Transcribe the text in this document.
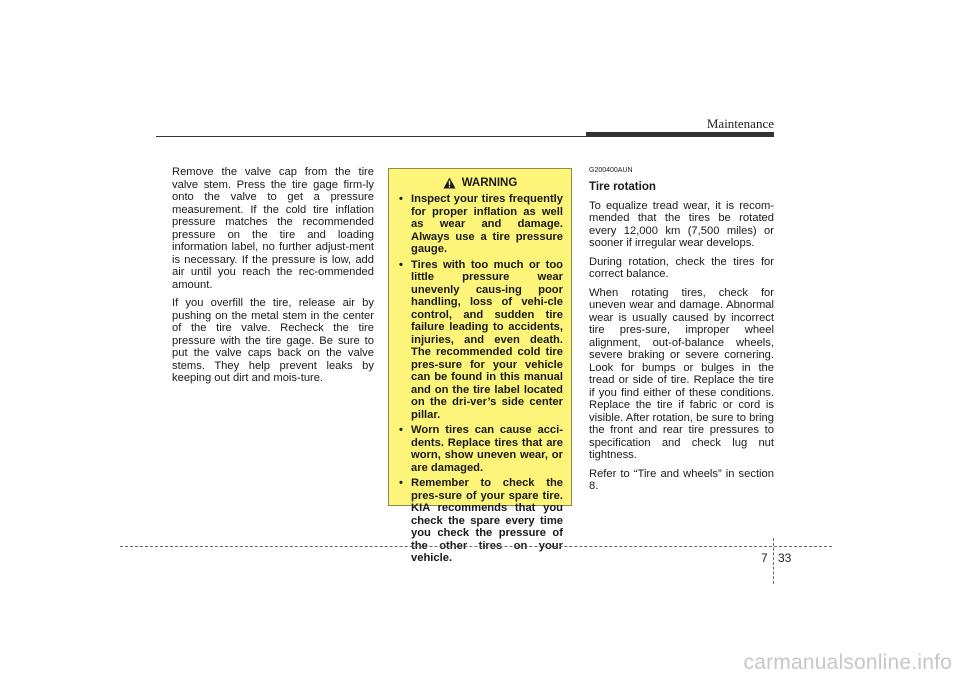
Maintenance

Remove the valve cap from the tire valve stem. Press the tire gage firm-ly onto the valve to get a pressure measurement. If the cold tire inflation pressure matches the recommended pressure on the tire and loading information label, no further adjust-ment is necessary. If the pressure is low, add air until you reach the rec-ommended amount.

If you overfill the tire, release air by pushing on the metal stem in the center of the tire valve. Recheck the tire pressure with the tire gage. Be sure to put the valve caps back on the valve stems. They help prevent leaks by keeping out dirt and mois-ture.

WARNING
• Inspect your tires frequently for proper inflation as well as wear and damage. Always use a tire pressure gauge.
• Tires with too much or too little pressure wear unevenly caus-ing poor handling, loss of vehi-cle control, and sudden tire failure leading to accidents, injuries, and even death. The recommended cold tire pres-sure for your vehicle can be found in this manual and on the tire label located on the dri-ver’s side center pillar.
• Worn tires can cause acci-dents. Replace tires that are worn, show uneven wear, or are damaged.
• Remember to check the pres-sure of your spare tire. KIA recommends that you check the spare every time you check the pressure of the other tires on your vehicle.

G200400AUN

Tire rotation

To equalize tread wear, it is recom-mended that the tires be rotated every 12,000 km (7,500 miles) or sooner if irregular wear develops.

During rotation, check the tires for correct balance.

When rotating tires, check for uneven wear and damage. Abnormal wear is usually caused by incorrect tire pres-sure, improper wheel alignment, out-of-balance wheels, severe braking or severe cornering. Look for bumps or bulges in the tread or side of tire. Replace the tire if you find either of these conditions. Replace the tire if fabric or cord is visible. After rotation, be sure to bring the front and rear tire pressures to specification and check lug nut tightness.

Refer to “Tire and wheels” in section 8.

7 33
carmanualsonline.info
